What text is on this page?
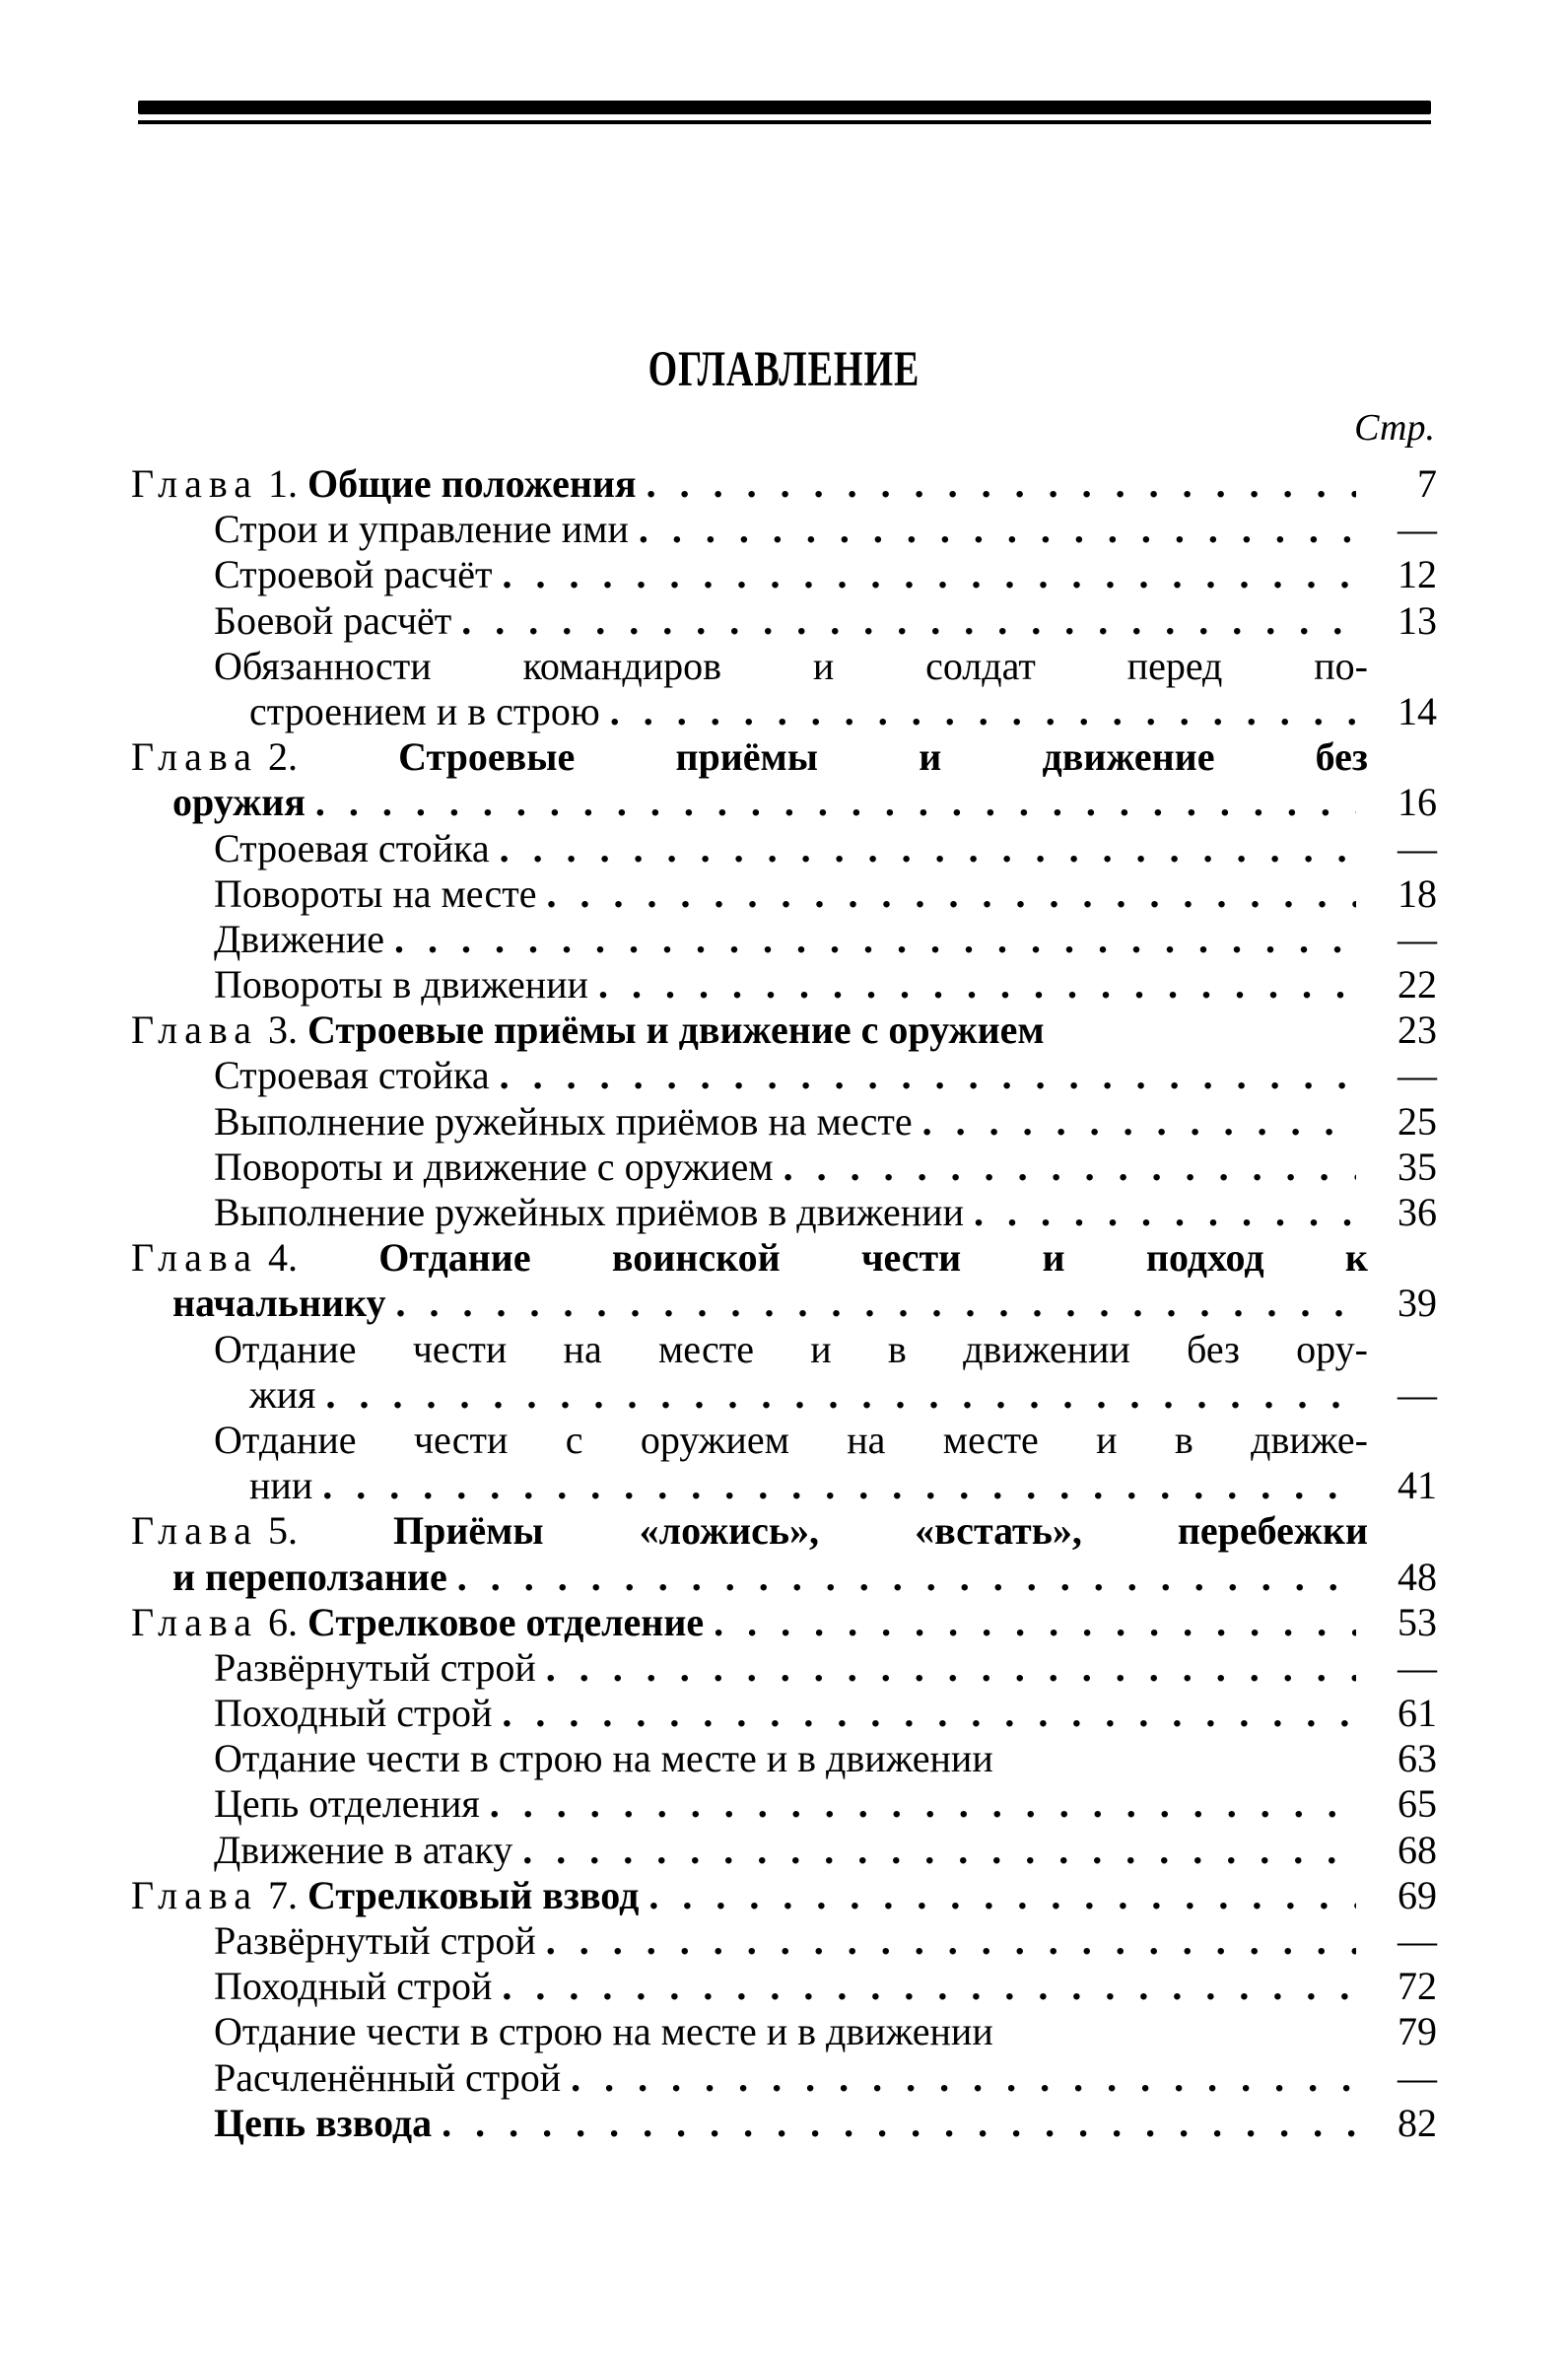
ОГЛАВЛЕНИЕ
Стр.
Глава 1. Общие положения . . .	7
Строи и управление ими . . .	—
Строевой расчёт . . .	12
Боевой расчёт . . .	13
Обязанности командиров и солдат перед по-
строением и в строю . . .	14
Глава 2.	Строевые	приёмы	и	движение	без
оружия . . .	16
Строевая стойка . . .	—
Повороты на месте . . .	18
Движение . . .	—
Повороты в движении . . .	22
Глава 3. Строевые приёмы и движение с оружием	23
Строевая стойка . . .	—
Выполнение ружейных приёмов на месте . . .	25
Повороты и движение с оружием . . .	35
Выполнение ружейных приёмов в движении . . .	36
Глава 4. Отдание воинской чести и подход к
начальнику . . .	39
Отдание чести на месте и в движении без ору-
жия . . .	—
Отдание чести с оружием на месте и в движе-
нии . . .	41
Глава 5. Приёмы «ложись», «встать», перебежки
и переползание . . .	48
Глава 6. Стрелковое отделение . . .	53
Развёрнутый строй . . .	—
Походный строй . . .	61
Отдание чести в строю на месте и в движении	63
Цепь отделения . . .	65
Движение в атаку . . .	68
Глава 7. Стрелковый взвод . . .	69
Развёрнутый строй . . .	—
Походный строй . . .	72
Отдание чести в строю на месте и в движении	79
Расчленённый строй . . .	—
Цепь взвода . . .	82
